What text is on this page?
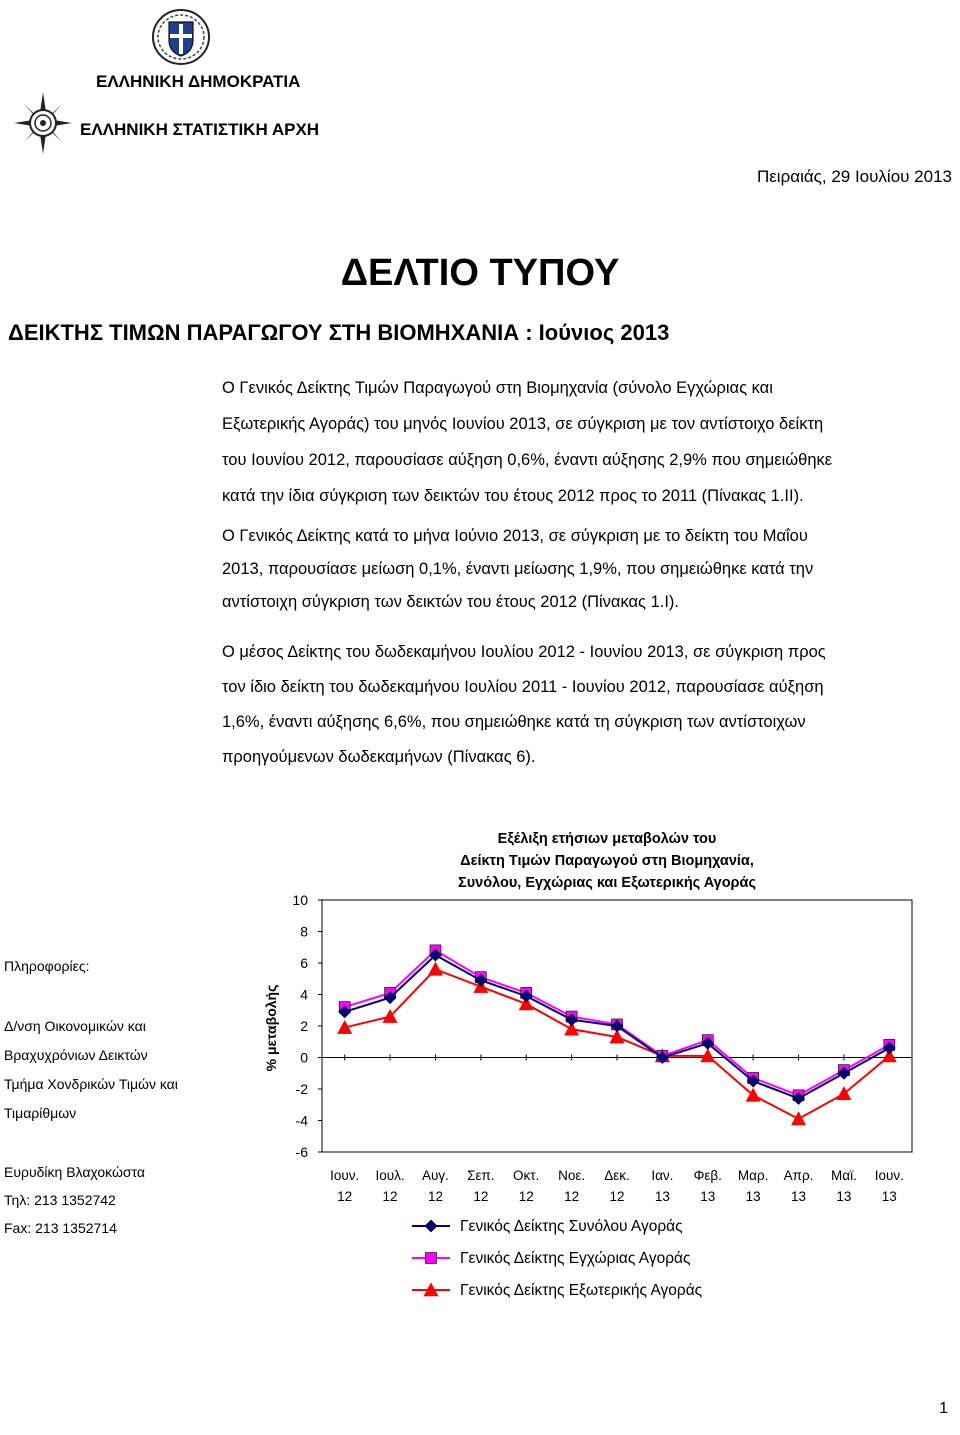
ΕΛΛΗΝΙΚΗ ΔΗΜΟΚΡΑΤΙΑ
ΕΛΛΗΝΙΚΗ ΣΤΑΤΙΣΤΙΚΗ ΑΡΧΗ
Πειραιάς, 29 Ιουλίου 2013
ΔΕΛΤΙΟ ΤΥΠΟΥ
ΔΕΙΚΤΗΣ ΤΙΜΩΝ ΠΑΡΑΓΩΓΟΥ ΣΤΗ ΒΙΟΜΗΧΑΝΙΑ : Ιούνιος 2013
Ο Γενικός Δείκτης Τιμών Παραγωγού στη Βιομηχανία (σύνολο Εγχώριας και
Εξωτερικής Αγοράς) του μηνός Ιουνίου 2013, σε σύγκριση με τον αντίστοιχο δείκτη
του Ιουνίου 2012, παρουσίασε αύξηση 0,6%, έναντι αύξησης 2,9% που σημειώθηκε
κατά την ίδια σύγκριση των δεικτών του έτους 2012 προς το 2011 (Πίνακας 1.ΙΙ).
Ο Γενικός Δείκτης κατά το μήνα Ιούνιο 2013, σε σύγκριση με το δείκτη του Μαΐου
2013, παρουσίασε μείωση 0,1%, έναντι μείωσης 1,9%, που σημειώθηκε κατά την
αντίστοιχη σύγκριση των δεικτών του έτους 2012 (Πίνακας 1.Ι).
Ο μέσος Δείκτης του δωδεκαμήνου Ιουλίου 2012 - Ιουνίου 2013, σε σύγκριση προς
τον ίδιο δείκτη του δωδεκαμήνου Ιουλίου 2011 - Ιουνίου 2012, παρουσίασε αύξηση
1,6%, έναντι αύξησης 6,6%, που σημειώθηκε κατά τη σύγκριση των αντίστοιχων
προηγούμενων δωδεκαμήνων (Πίνακας 6).
Πληροφορίες:
Δ/νση Οικονομικών και
Βραχυχρόνιων Δεικτών
Τμήμα Χονδρικών Τιμών και
Τιμαρίθμων
Ευρυδίκη Βλαχοκώστα
Τηλ: 213 1352742
Fax: 213 1352714
Εξέλιξη ετήσιων μεταβολών του
Δείκτη Τιμών Παραγωγού στη Βιομηχανία,
Συνόλου, Εγχώριας και Εξωτερικής Αγοράς
10
8
6
4
2
0
-2
-4
-6
Ιουν.
12
Ιουλ.
12
Αυγ.
12
Σεπ.
12
Οκτ.
12
Νοε.
12
Δεκ.
12
Ιαν.
13
Φεβ.
13
Μαρ.
13
Απρ.
13
Μαϊ.
13
Ιουν.
13
Γενικός Δείκτης Συνόλου Αγοράς
Γενικός Δείκτης Εγχώριας Αγοράς
Γενικός Δείκτης Εξωτερικής Αγοράς
% μεταβολής
1
